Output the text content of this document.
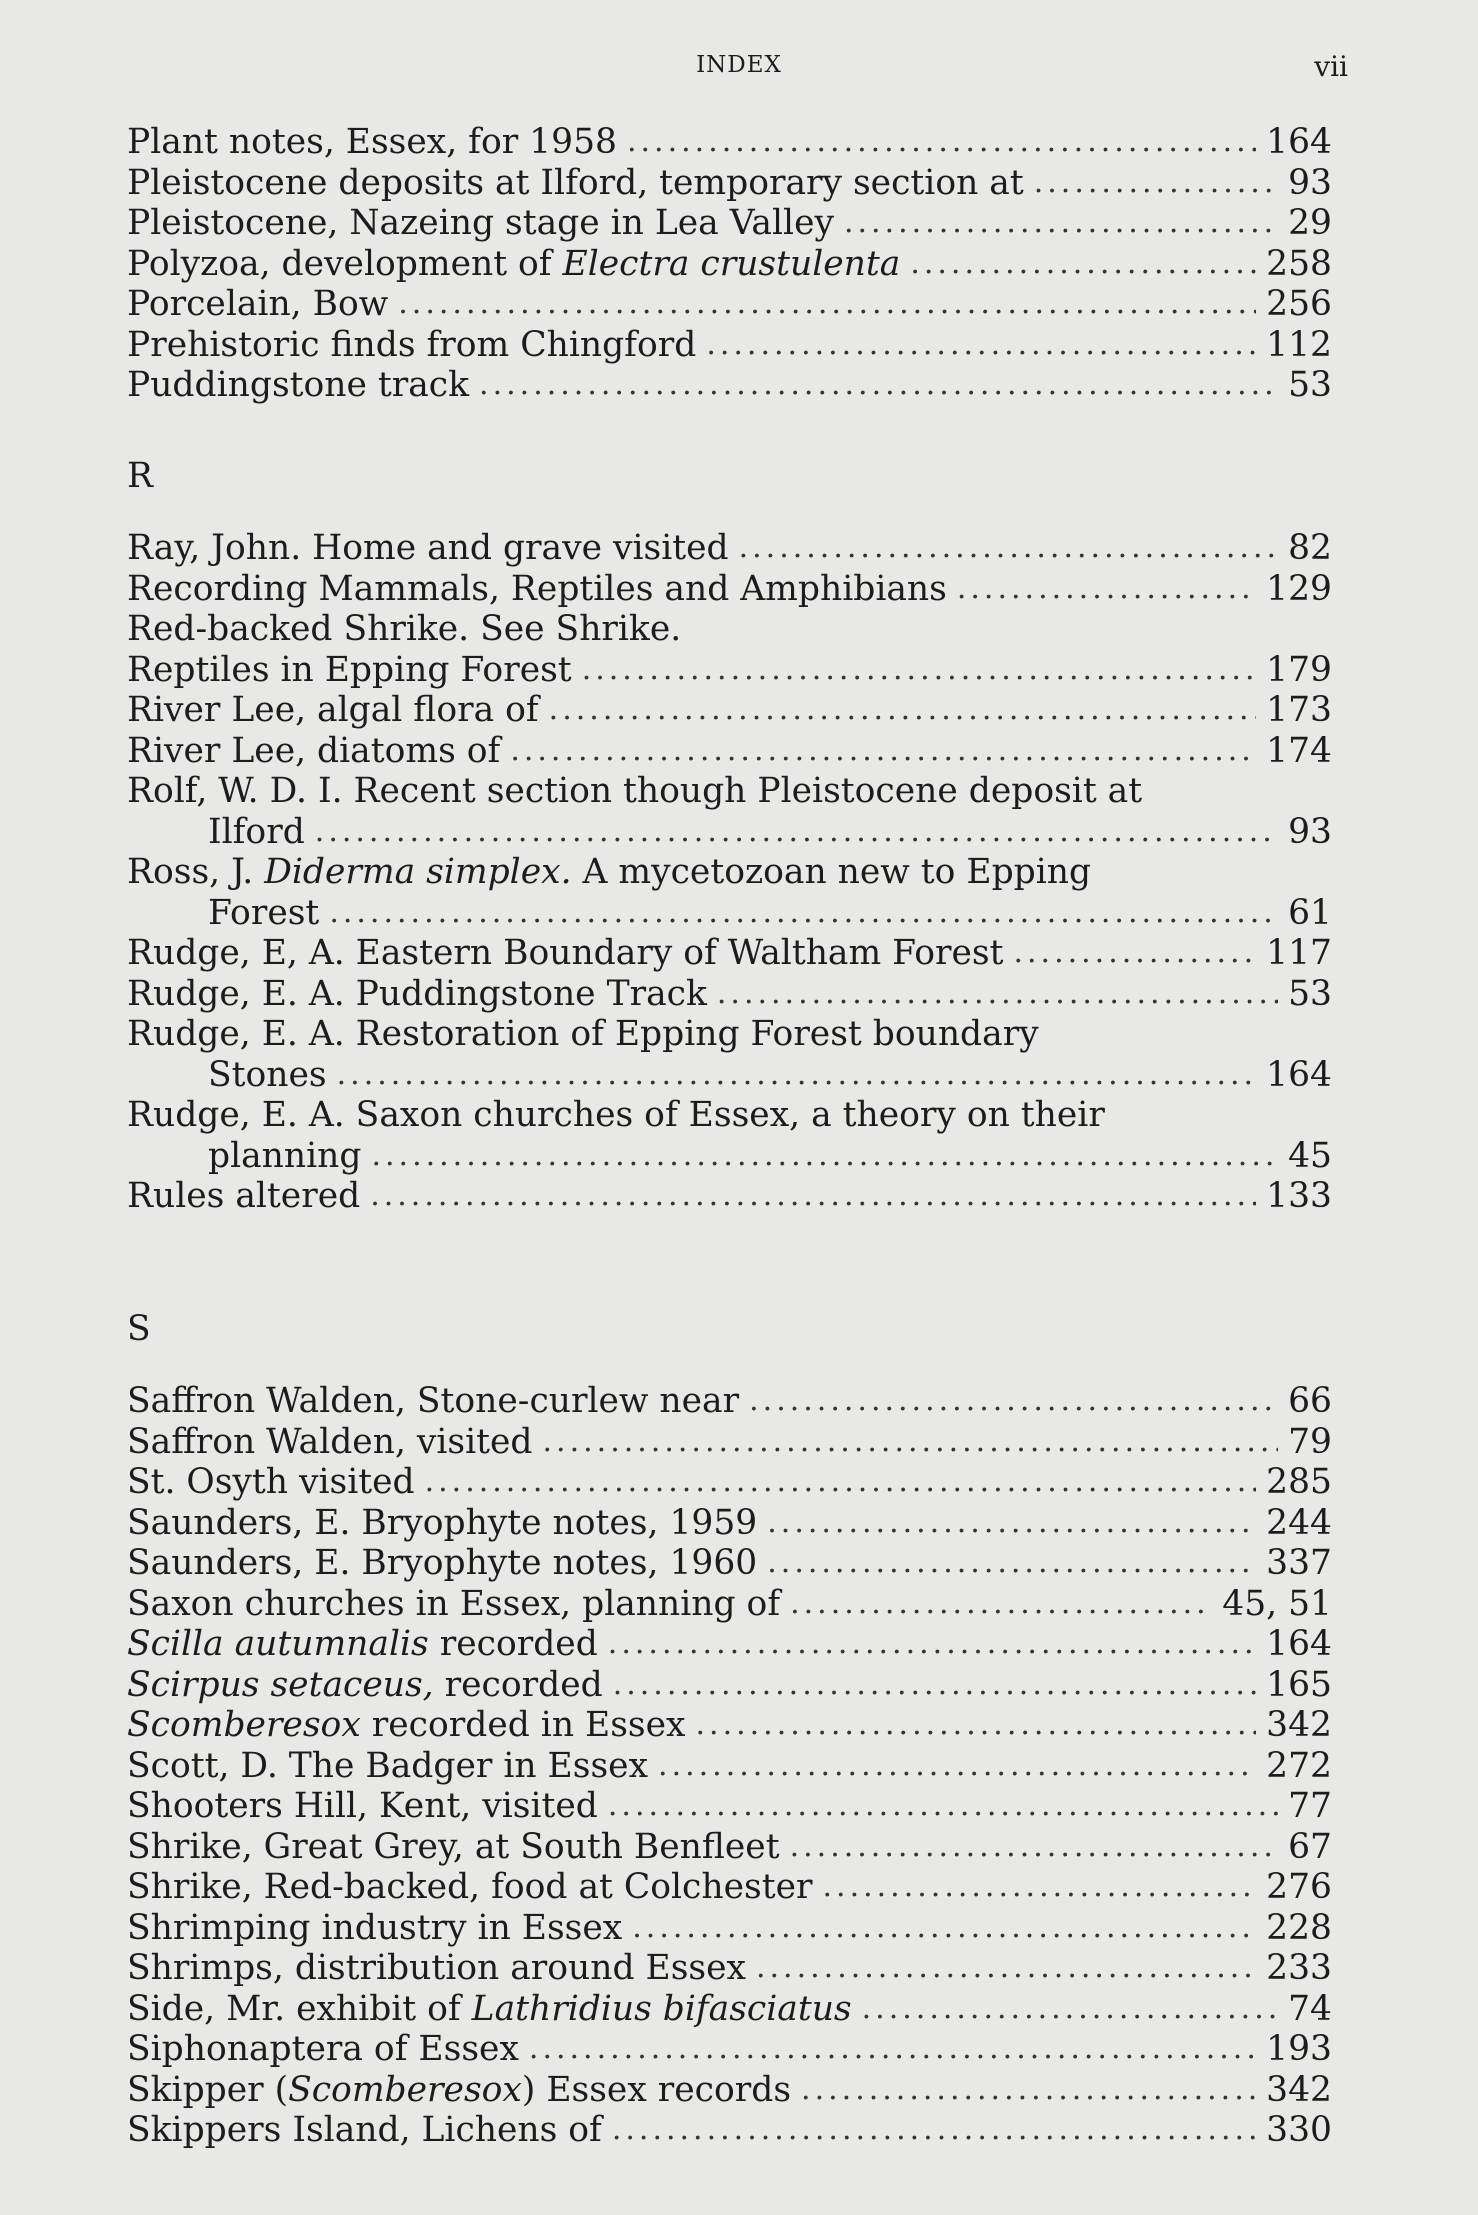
INDEX	vii
Plant notes, Essex, for 1958 .....	164
Pleistocene deposits at Ilford, temporary section at .....	93
Pleistocene, Nazeing stage in Lea Valley .....	29
Polyzoa, development of Electra crustulenta .....	258
Porcelain, Bow .....	256
Prehistoric finds from Chingford .....	112
Puddingstone track .....	53
R
Ray, John. Home and grave visited .....	82
Recording Mammals, Reptiles and Amphibians .....	129
Red-backed Shrike. See Shrike.
Reptiles in Epping Forest .....	179
River Lee, algal flora of .....	173
River Lee, diatoms of .....	174
Rolf, W. D. I. Recent section though Pleistocene deposit at
Ilford .....	93
Ross, J. Diderma simplex. A mycetozoan new to Epping
Forest .....	61
Rudge, E, A. Eastern Boundary of Waltham Forest .....	117
Rudge, E. A. Puddingstone Track .....	53
Rudge, E. A. Restoration of Epping Forest boundary
Stones .....	164
Rudge, E. A. Saxon churches of Essex, a theory on their
planning .....	45
Rules altered .....	133
S
Saffron Walden, Stone-curlew near .....	66
Saffron Walden, visited .....	79
St. Osyth visited .....	285
Saunders, E. Bryophyte notes, 1959 .....	244
Saunders, E. Bryophyte notes, 1960 .....	337
Saxon churches in Essex, planning of .....	45, 51
Scilla autumnalis recorded .....	164
Scirpus setaceus, recorded .....	165
Scomberesox recorded in Essex .....	342
Scott, D. The Badger in Essex .....	272
Shooters Hill, Kent, visited .....	77
Shrike, Great Grey, at South Benfleet .....	67
Shrike, Red-backed, food at Colchester .....	276
Shrimping industry in Essex .....	228
Shrimps, distribution around Essex .....	233
Side, Mr. exhibit of Lathridius bifasciatus .....	74
Siphonaptera of Essex .....	193
Skipper (Scomberesox) Essex records .....	342
Skippers Island, Lichens of .....	330
